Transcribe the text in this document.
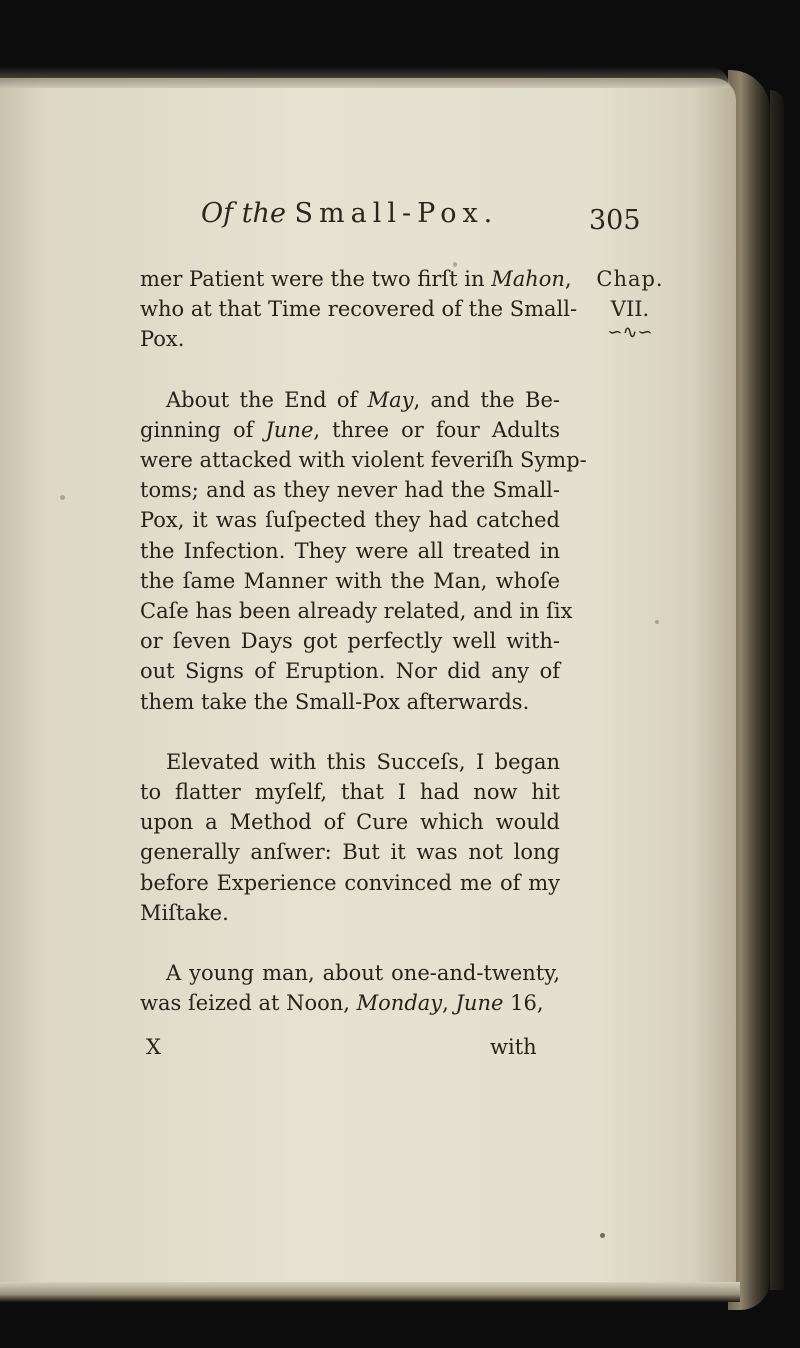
Of the Small-Pox.	305
Chap.
VII.
∽∿∽
mer Patient were the two firſt in Mahon
who at that Time recovered of the Small-
Pox.
About the End of May, and the Be-
ginning of June, three or four Adults
were attacked with violent feveriſh Symp-
toms; and as they never had the Small-
Pox, it was ſuſpected they had catched
the Infection. They were all treated in
the ſame Manner with the Man, whoſe
Caſe has been already related, and in ſix
or ſeven Days got perfectly well with-
out Signs of Eruption. Nor did any of
them take the Small-Pox afterwards.
Elevated with this Succeſs, I began
to flatter myſelf, that I had now hit
upon a Method of Cure which would
generally anſwer: But it was not long
before Experience convinced me of my
Miſtake.
A young man, about one-and-twenty,
was ſeized at Noon, Monday, June 16,
X	with
